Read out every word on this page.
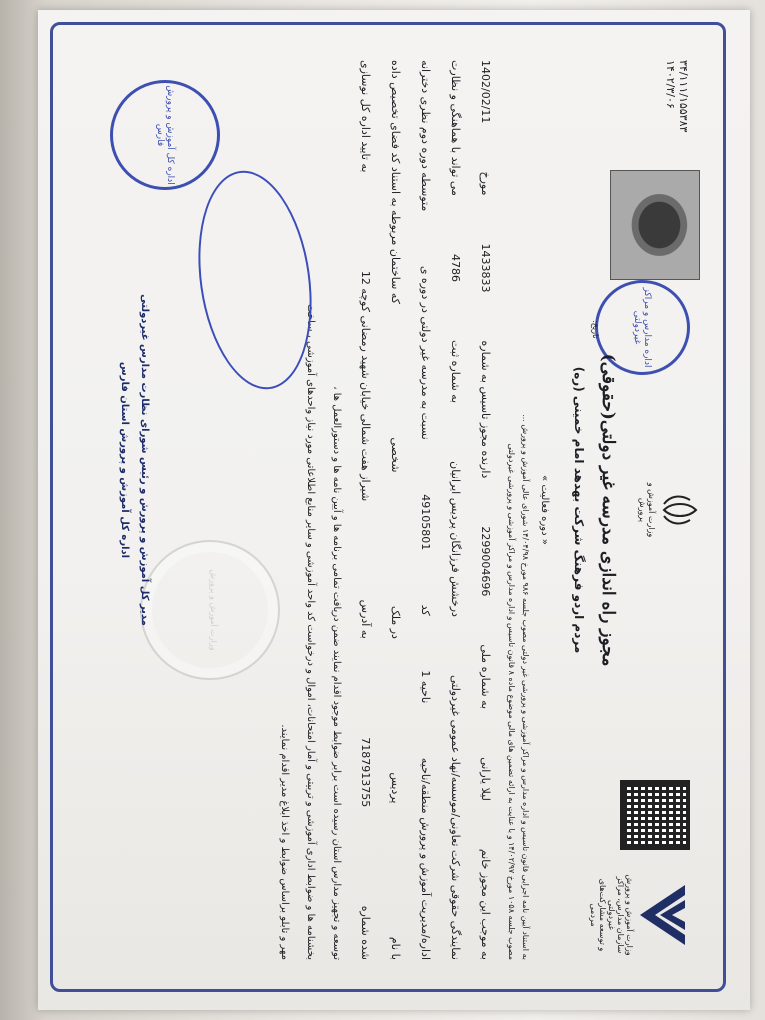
وزارت آموزش و پرورش
سازمان مدارس، مراکز غیردولتی
و توسعه مشارکت‌های مردمی
وزارت آموزش و پرورش
۳۴/۱۱۱/۱۵۵۳۸۳
۱۴۰۲/۳/۰۶
اداره مدارس و مراکز غیردولتی
تاریخ:
مجوز راه اندازی مدرسه غیر دولتی(حقوقی)
مردم اردو فرهنگ شرکت بهدهد امام خمینی (ره)
« دوره فعالیت »
به استناد آیین نامه اجرایی قانون تاسیس و اداره مدارس و مراکز آموزشی و پرورشی غیر دولتی مصوب جلسه ۹۸۶ مورخ ۱۴/۰۴/۹۸ شورای عالی آموزش و پرورش ...
مصوب جلسه ۱۰۵۸ مورخ ۱۴/۰۲/۹۷ و با عنایت به ارائه تضمین های مالی موضوع ماده ۸ قانون تاسیس و اداره مدارس و مراکز آموزشی و پرورشی غیردولتی
به موجب این مجوز خانم
لیلا یارانی
به شماره ملی
2299004696
دارنده مجوز تاسیس به شماره
1433833
مورخ
1402/02/11
نمایندگی حقوقی شرکت تعاونی/موسسه/نهاد عمومی غیردولتی
درخشش فرزانگان پردیس ایرانیان
به شماره ثبت
4786
می تواند با هماهنگی و نظارت
اداره/مدیریت آموزش و پرورش منطقه/ناحیه
ناحیه 1
کد
49105801
نسبت به مدرسه غیر دولتی در دوره ی
متوسطه دوره دوم نظری دخترانه
با نام
پردیس
در ملک
شخصی
که ساختمان مربوطه به استناد کد فضای تخصیص داده
شده شماره
7187913755
به آدرس
شیراز هفت شمالی خیابان شهید رمضانی کوچه 12
به تایید اداره کل نوسازی
توسعه و تجهیز مدارس استان رسیده است برابر ضوابط موجود اقدام نمایند ضمن دریافت تمامی برنامه ها و آیین نامه ها و دستورالعمل ها ،
بخشنامه ها و ضوابط اداری آموزشی و تربیتی و آمار امتحانات، اموال و درخواست کد واحد آموزشی و سایر منابع اطلاعاتی مورد نیاز واحدهای آموزشی ، ساخت
مهر و تابلو براساس ضوابط و اخذ ابلاغ مدیر اقدام نمایند.
وزارت آموزش و پرورش
اداره کل آموزش و پرورش فارس
مدیر کل آموزش و پرورش و رئیس شورای نظارت مدارس غیردولتی
اداره کل آموزش و پرورش استان فارس
